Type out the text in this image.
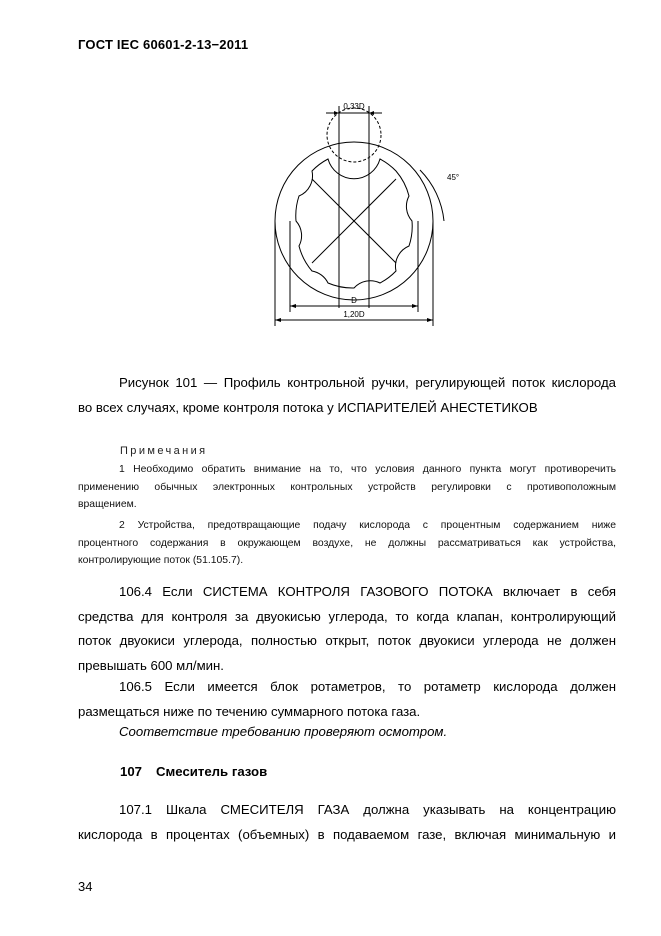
ГОСТ IEC 60601-2-13−2011
0,33D
45°
D
1,20D
Рисунок 101 — Профиль контрольной ручки, регулирующей поток кислорода
во всех случаях, кроме контроля потока у ИСПАРИТЕЛЕЙ АНЕСТЕТИКОВ
Примечания
1 Необходимо обратить внимание на то, что условия данного пункта могут противоречить
применению обычных электронных контрольных устройств регулировки с противоположным
вращением.
2 Устройства, предотвращающие подачу кислорода с процентным содержанием ниже
процентного содержания в окружающем воздухе, не должны рассматриваться как устройства,
контролирующие поток (51.105.7).
106.4 Если СИСТЕМА КОНТРОЛЯ ГАЗОВОГО ПОТОКА включает в себя
средства для контроля за двуокисью углерода, то когда клапан, контролирующий
поток двуокиси углерода, полностью открыт, поток двуокиси углерода не должен
превышать 600 мл/мин.
106.5 Если имеется блок ротаметров, то ротаметр кислорода должен
размещаться ниже по течению суммарного потока газа.
Соответствие требованию проверяют осмотром.
107 Смеситель газов
107.1 Шкала СМЕСИТЕЛЯ ГАЗА должна указывать на концентрацию
кислорода в процентах (объемных) в подаваемом газе, включая минимальную и
34
